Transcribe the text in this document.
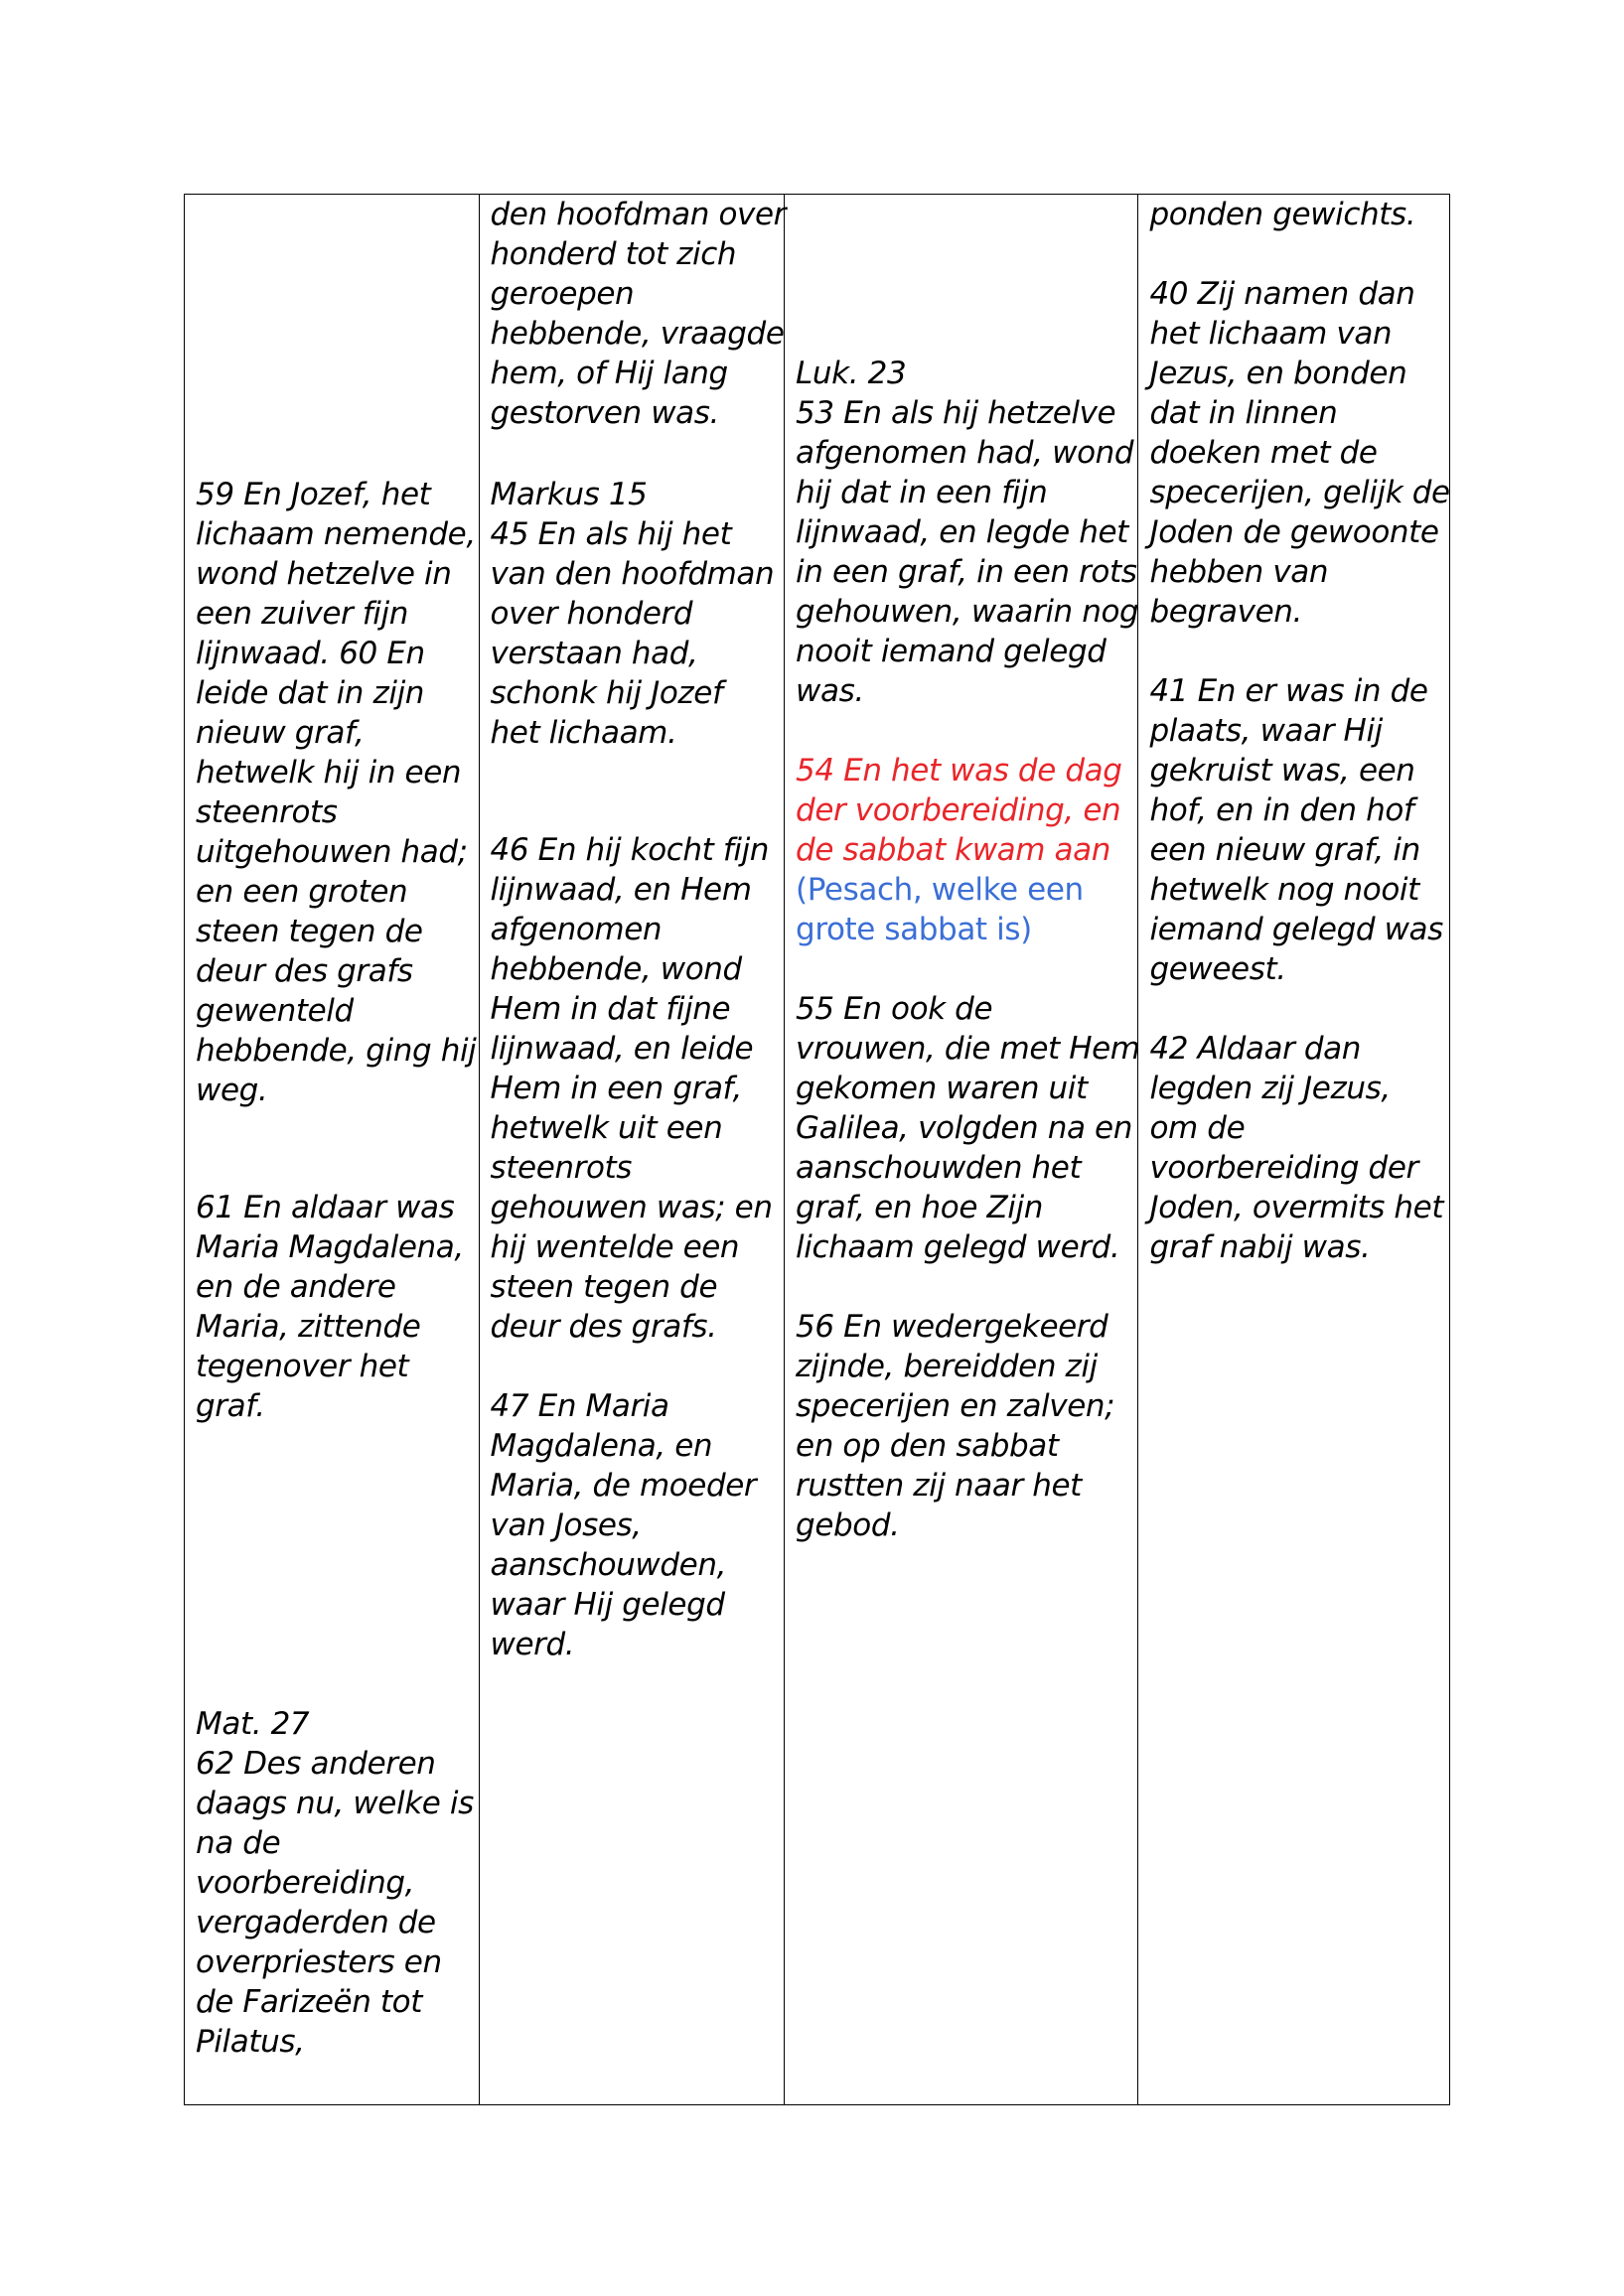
59 En Jozef, het
lichaam nemende,
wond hetzelve in
een zuiver fijn
lijnwaad. 60 En
leide dat in zijn
nieuw graf,
hetwelk hij in een
steenrots
uitgehouwen had;
en een groten
steen tegen de
deur des grafs
gewenteld
hebbende, ging hij
weg.

61 En aldaar was
Maria Magdalena,
en de andere
Maria, zittende
tegenover het
graf.

Mat. 27
62 Des anderen
daags nu, welke is
na de
voorbereiding,
vergaderden de
overpriesters en
de Farizeën tot
Pilatus,

den hoofdman over
honderd tot zich
geroepen
hebbende, vraagde
hem, of Hij lang
gestorven was.

Markus 15
45 En als hij het
van den hoofdman
over honderd
verstaan had,
schonk hij Jozef
het lichaam.

46 En hij kocht fijn
lijnwaad, en Hem
afgenomen
hebbende, wond
Hem in dat fijne
lijnwaad, en leide
Hem in een graf,
hetwelk uit een
steenrots
gehouwen was; en
hij wentelde een
steen tegen de
deur des grafs.

47 En Maria
Magdalena, en
Maria, de moeder
van Joses,
aanschouwden,
waar Hij gelegd
werd.

Luk. 23
53 En als hij hetzelve
afgenomen had, wond
hij dat in een fijn
lijnwaad, en legde het
in een graf, in een rots
gehouwen, waarin nog
nooit iemand gelegd
was.

54 En het was de dag
der voorbereiding, en
de sabbat kwam aan

(Pesach, welke een
grote sabbat is)

55 En ook de
vrouwen, die met Hem
gekomen waren uit
Galilea, volgden na en
aanschouwden het
graf, en hoe Zijn
lichaam gelegd werd.

56 En wedergekeerd
zijnde, bereidden zij
specerijen en zalven;
en op den sabbat
rustten zij naar het
gebod.

ponden gewichts.

40 Zij namen dan
het lichaam van
Jezus, en bonden
dat in linnen
doeken met de
specerijen, gelijk de
Joden de gewoonte
hebben van
begraven.

41 En er was in de
plaats, waar Hij
gekruist was, een
hof, en in den hof
een nieuw graf, in
hetwelk nog nooit
iemand gelegd was
geweest.

42 Aldaar dan
legden zij Jezus,
om de
voorbereiding der
Joden, overmits het
graf nabij was.
